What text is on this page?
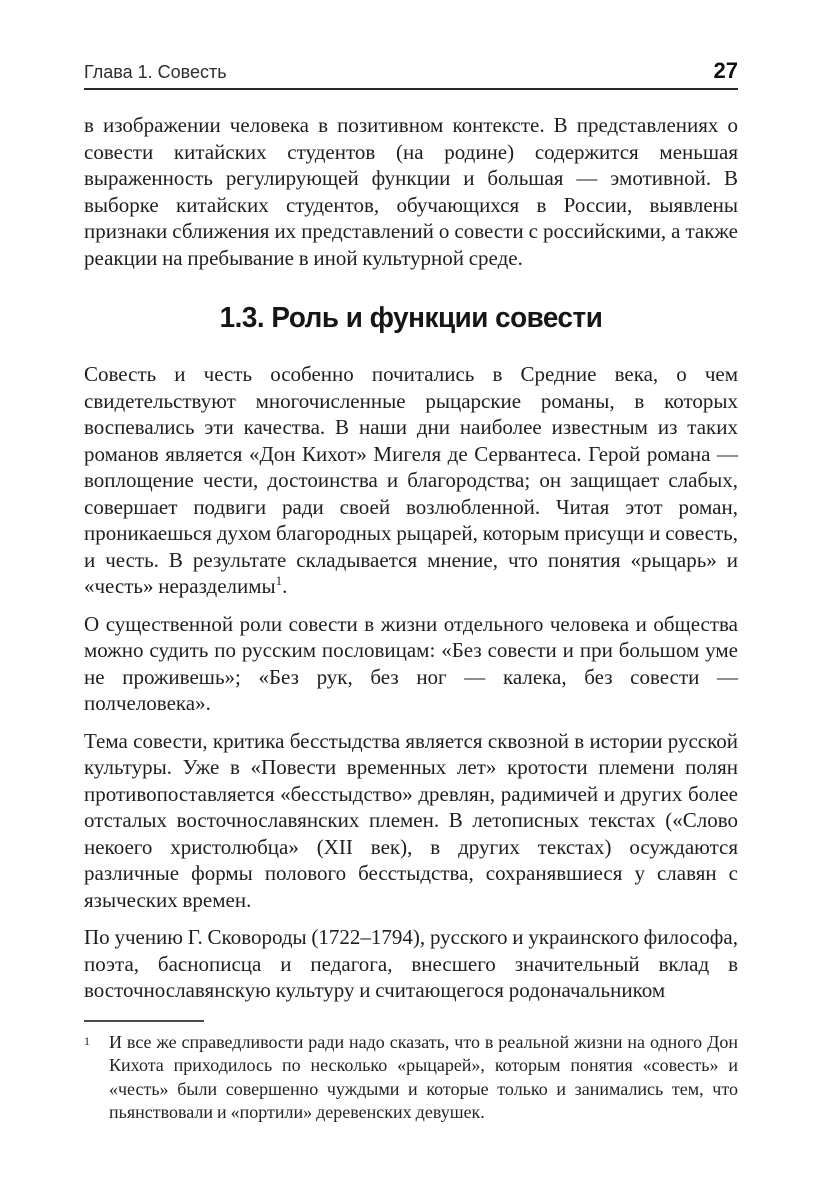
Глава 1. Совесть	27

в изображении человека в позитивном контексте. В представлениях о совести китайских студентов (на родине) содержится меньшая выраженность регулирующей функции и большая — эмотивной. В выборке китайских студентов, обучающихся в России, выявлены признаки сближения их представлений о совести с российскими, а также реакции на пребывание в иной культурной среде.

1.3. Роль и функции совести

Совесть и честь особенно почитались в Средние века, о чем свидетельствуют многочисленные рыцарские романы, в которых воспевались эти качества. В наши дни наиболее известным из таких романов является «Дон Кихот» Мигеля де Сервантеса. Герой романа — воплощение чести, достоинства и благородства; он защищает слабых, совершает подвиги ради своей возлюбленной. Читая этот роман, проникаешься духом благородных рыцарей, которым присущи и совесть, и честь. В результате складывается мнение, что понятия «рыцарь» и «честь» неразделимы$^1$.

О существенной роли совести в жизни отдельного человека и общества можно судить по русским пословицам: «Без совести и при большом уме не проживешь»; «Без рук, без ног — калека, без совести — полчеловека».

Тема совести, критика бесстыдства является сквозной в истории русской культуры. Уже в «Повести временных лет» кротости племени полян противопоставляется «бесстыдство» древлян, радимичей и других более отсталых восточнославянских племен. В летописных текстах («Слово некоего христолюбца» (XII век), в других текстах) осуждаются различные формы полового бесстыдства, сохранявшиеся у славян с языческих времен.

По учению Г. Сковороды (1722–1794), русского и украинского философа, поэта, баснописца и педагога, внесшего значительный вклад в восточнославянскую культуру и считающегося родоначальником

1	И все же справедливости ради надо сказать, что в реальной жизни на одного Дон Кихота приходилось по несколько «рыцарей», которым понятия «совесть» и «честь» были совершенно чуждыми и которые только и занимались тем, что пьянствовали и «портили» деревенских девушек.
